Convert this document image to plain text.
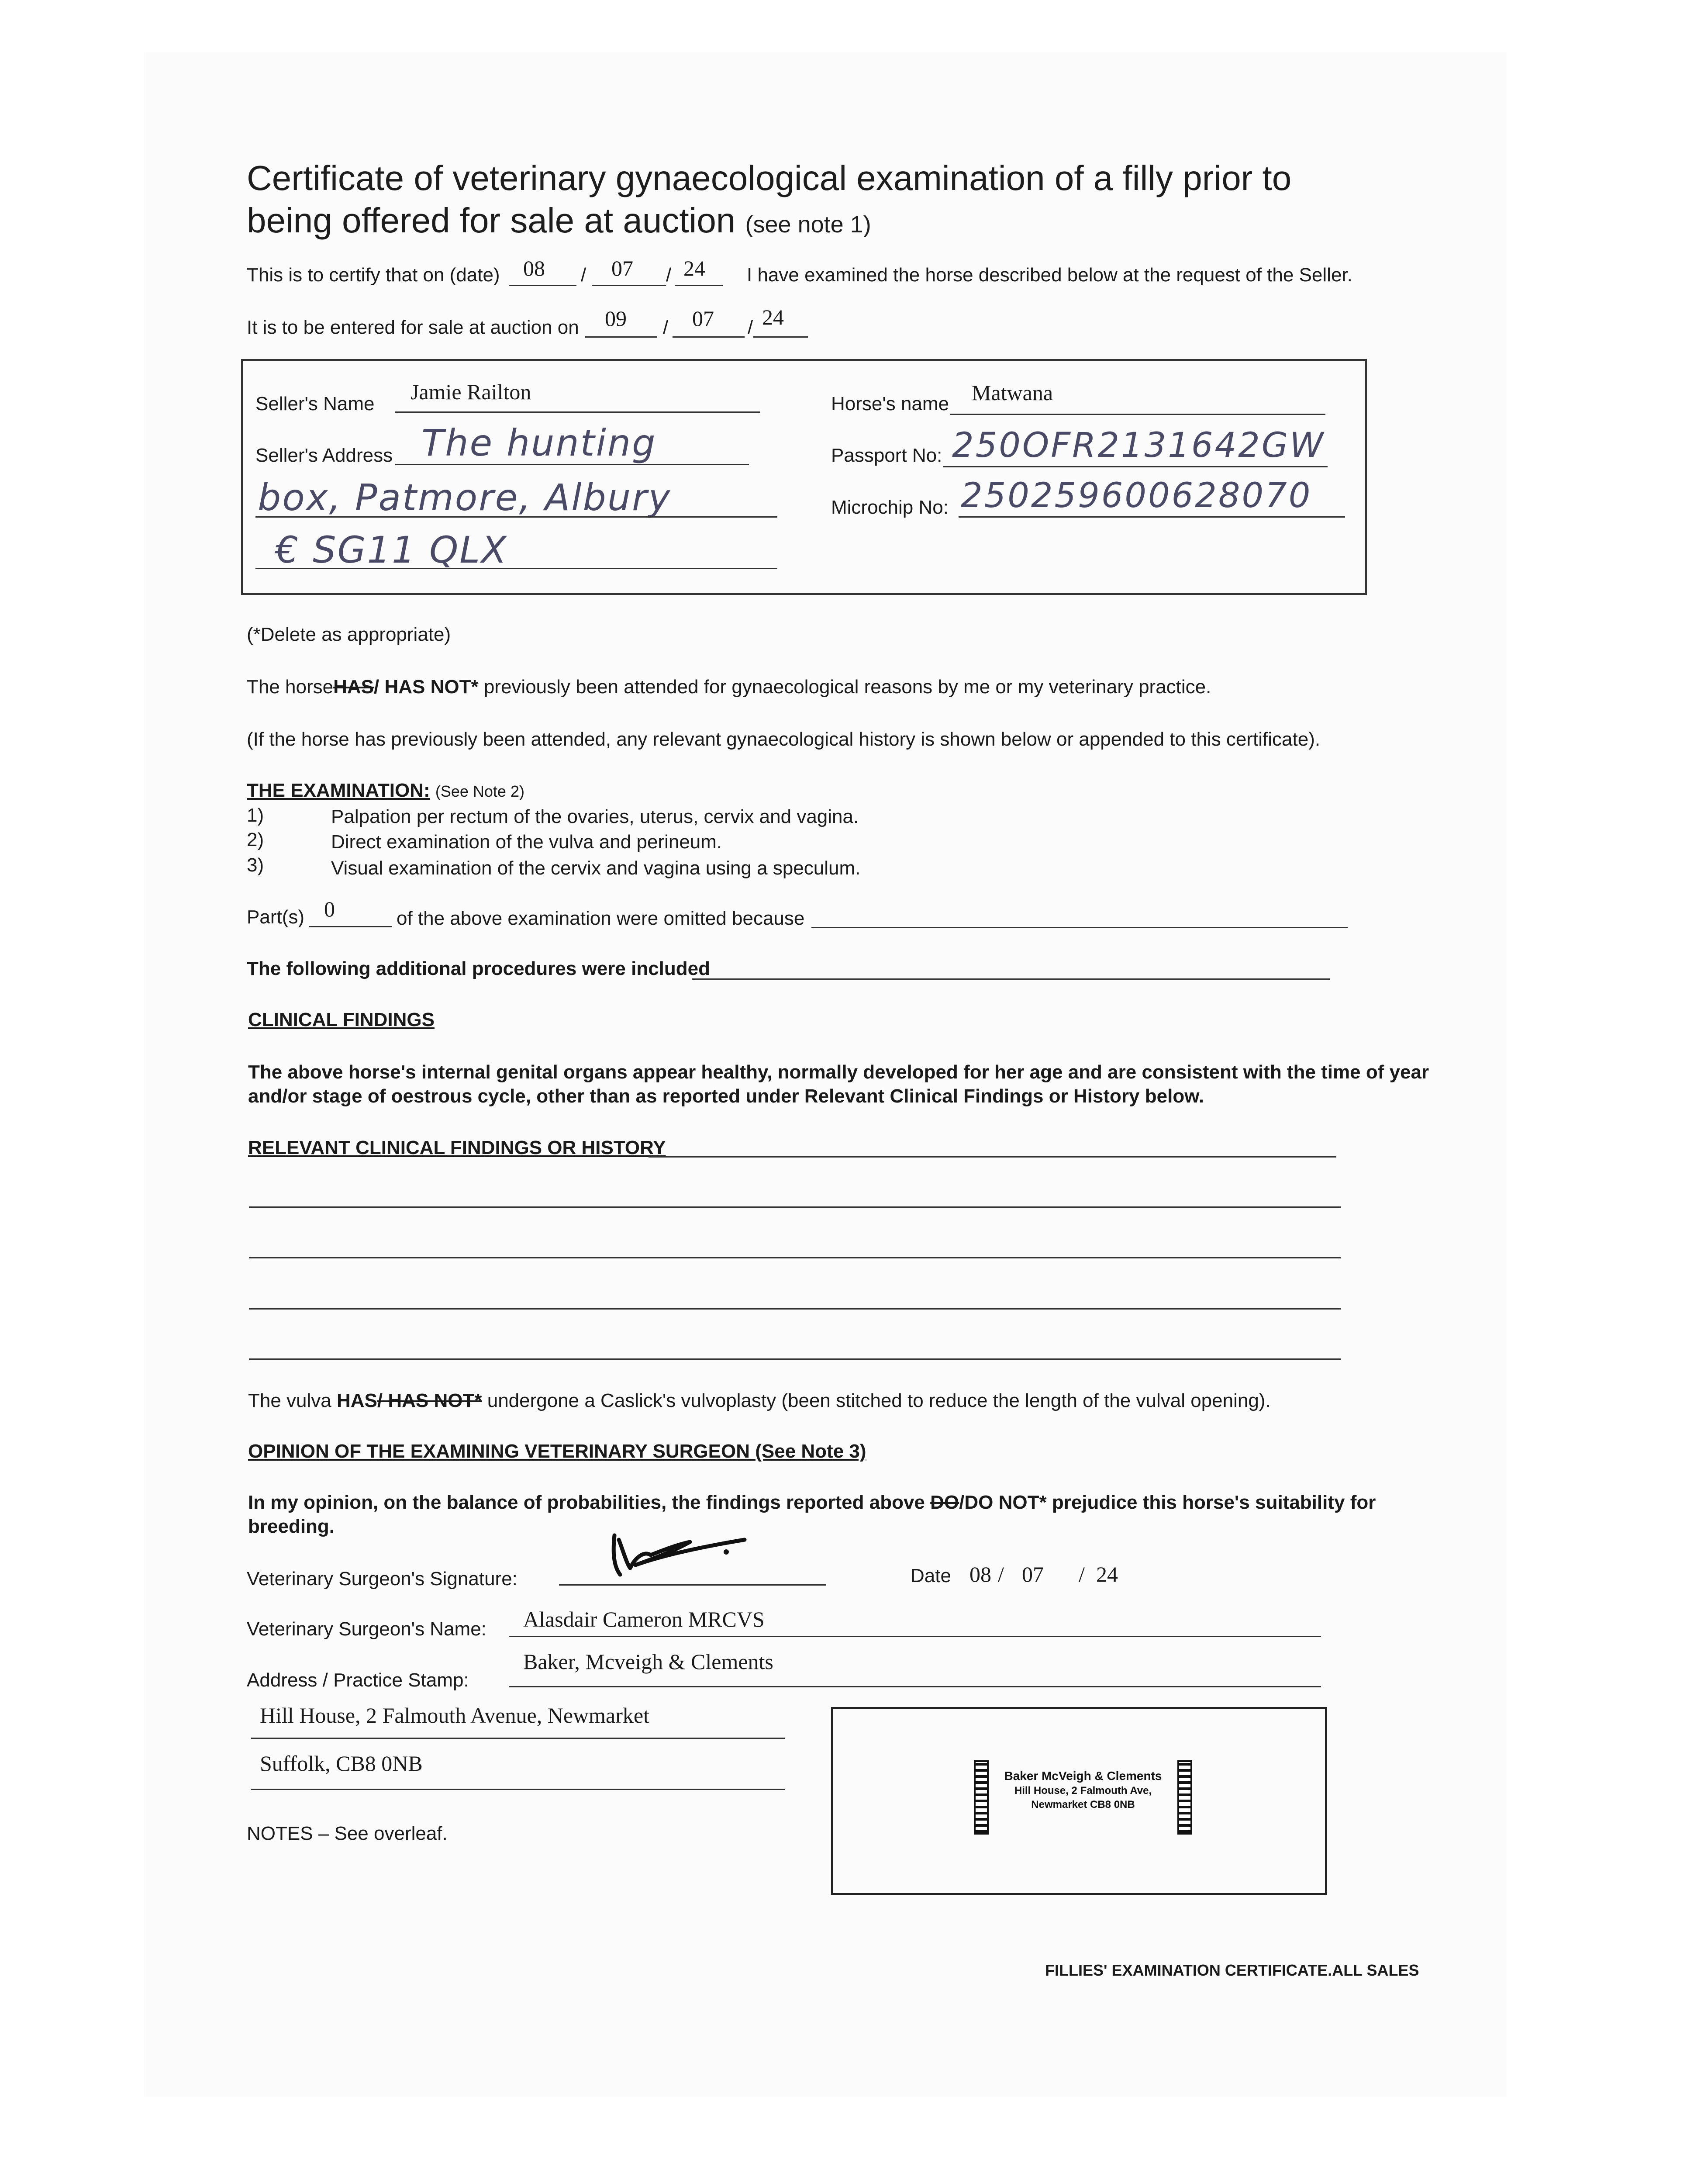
Certificate of veterinary gynaecological examination of a filly prior to
being offered for sale at auction (see note 1)
This is to certify that on (date) 08 / 07 / 24 I have examined the horse described below at the request of the Seller.
It is to be entered for sale at auction on 09 / 07 / 24
Seller's Name Jamie Railton
Seller's Address The hunting
box, Patmore, Albury
€ SG11 QLX
Horse's name Matwana
Passport No: 250OFR2131642GW
Microchip No: 250259600628070
(*Delete as appropriate)
The horseHAS/ HAS NOT* previously been attended for gynaecological reasons by me or my veterinary practice.
(If the horse has previously been attended, any relevant gynaecological history is shown below or appended to this certificate).
THE EXAMINATION: (See Note 2)
1)	Palpation per rectum of the ovaries, uterus, cervix and vagina.
2)	Direct examination of the vulva and perineum.
3)	Visual examination of the cervix and vagina using a speculum.
Part(s) 0	of the above examination were omitted because
The following additional procedures were included
CLINICAL FINDINGS
The above horse's internal genital organs appear healthy, normally developed for her age and are consistent with the time of year
and/or stage of oestrous cycle, other than as reported under Relevant Clinical Findings or History below.
RELEVANT CLINICAL FINDINGS OR HISTORY
The vulva HAS/ HAS NOT* undergone a Caslick's vulvoplasty (been stitched to reduce the length of the vulval opening).
OPINION OF THE EXAMINING VETERINARY SURGEON (See Note 3)
In my opinion, on the balance of probabilities, the findings reported above DO/DO NOT* prejudice this horse's suitability for
breeding.
Veterinary Surgeon's Signature:	Date 08 / 07 / 24
Veterinary Surgeon's Name: Alasdair Cameron MRCVS
Address / Practice Stamp:
Baker, Mcveigh & Clements
Hill House, 2 Falmouth Avenue, Newmarket
Suffolk, CB8 0NB
Baker McVeigh & Clements
Hill House, 2 Falmouth Ave,
Newmarket CB8 0NB
NOTES – See overleaf.
FILLIES' EXAMINATION CERTIFICATE.ALL SALES
